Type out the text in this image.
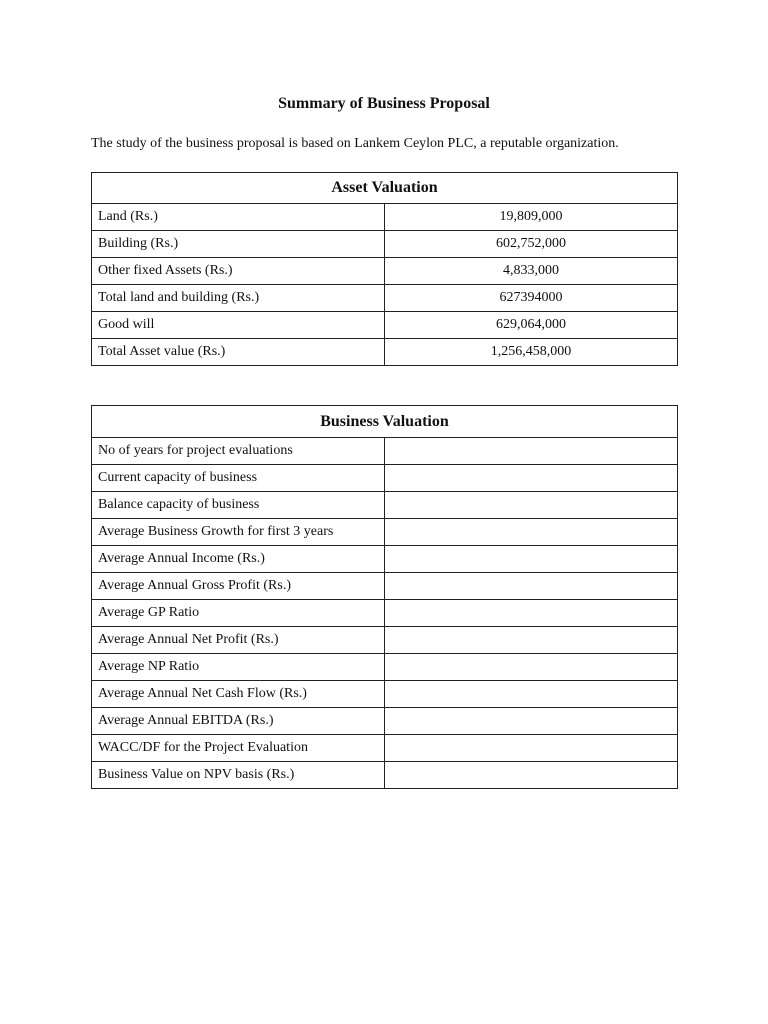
Summary of Business Proposal
The study of the business proposal is based on Lankem Ceylon PLC, a reputable organization.
Asset Valuation	
Land (Rs.)	19,809,000
Building (Rs.)	602,752,000
Other fixed Assets (Rs.)	4,833,000
Total land and building (Rs.)	627394000
Good will	629,064,000
Total Asset value (Rs.)	1,256,458,000
Business Valuation	
No of years for project evaluations	
Current capacity of business	
Balance capacity of business	
Average Business Growth for first 3 years	
Average Annual Income (Rs.)	
Average Annual Gross Profit (Rs.)	
Average GP Ratio	
Average Annual Net Profit (Rs.)	
Average NP Ratio	
Average Annual Net Cash Flow (Rs.)	
Average Annual EBITDA (Rs.)	
WACC/DF for the Project Evaluation	
Business Value on NPV basis (Rs.)	
